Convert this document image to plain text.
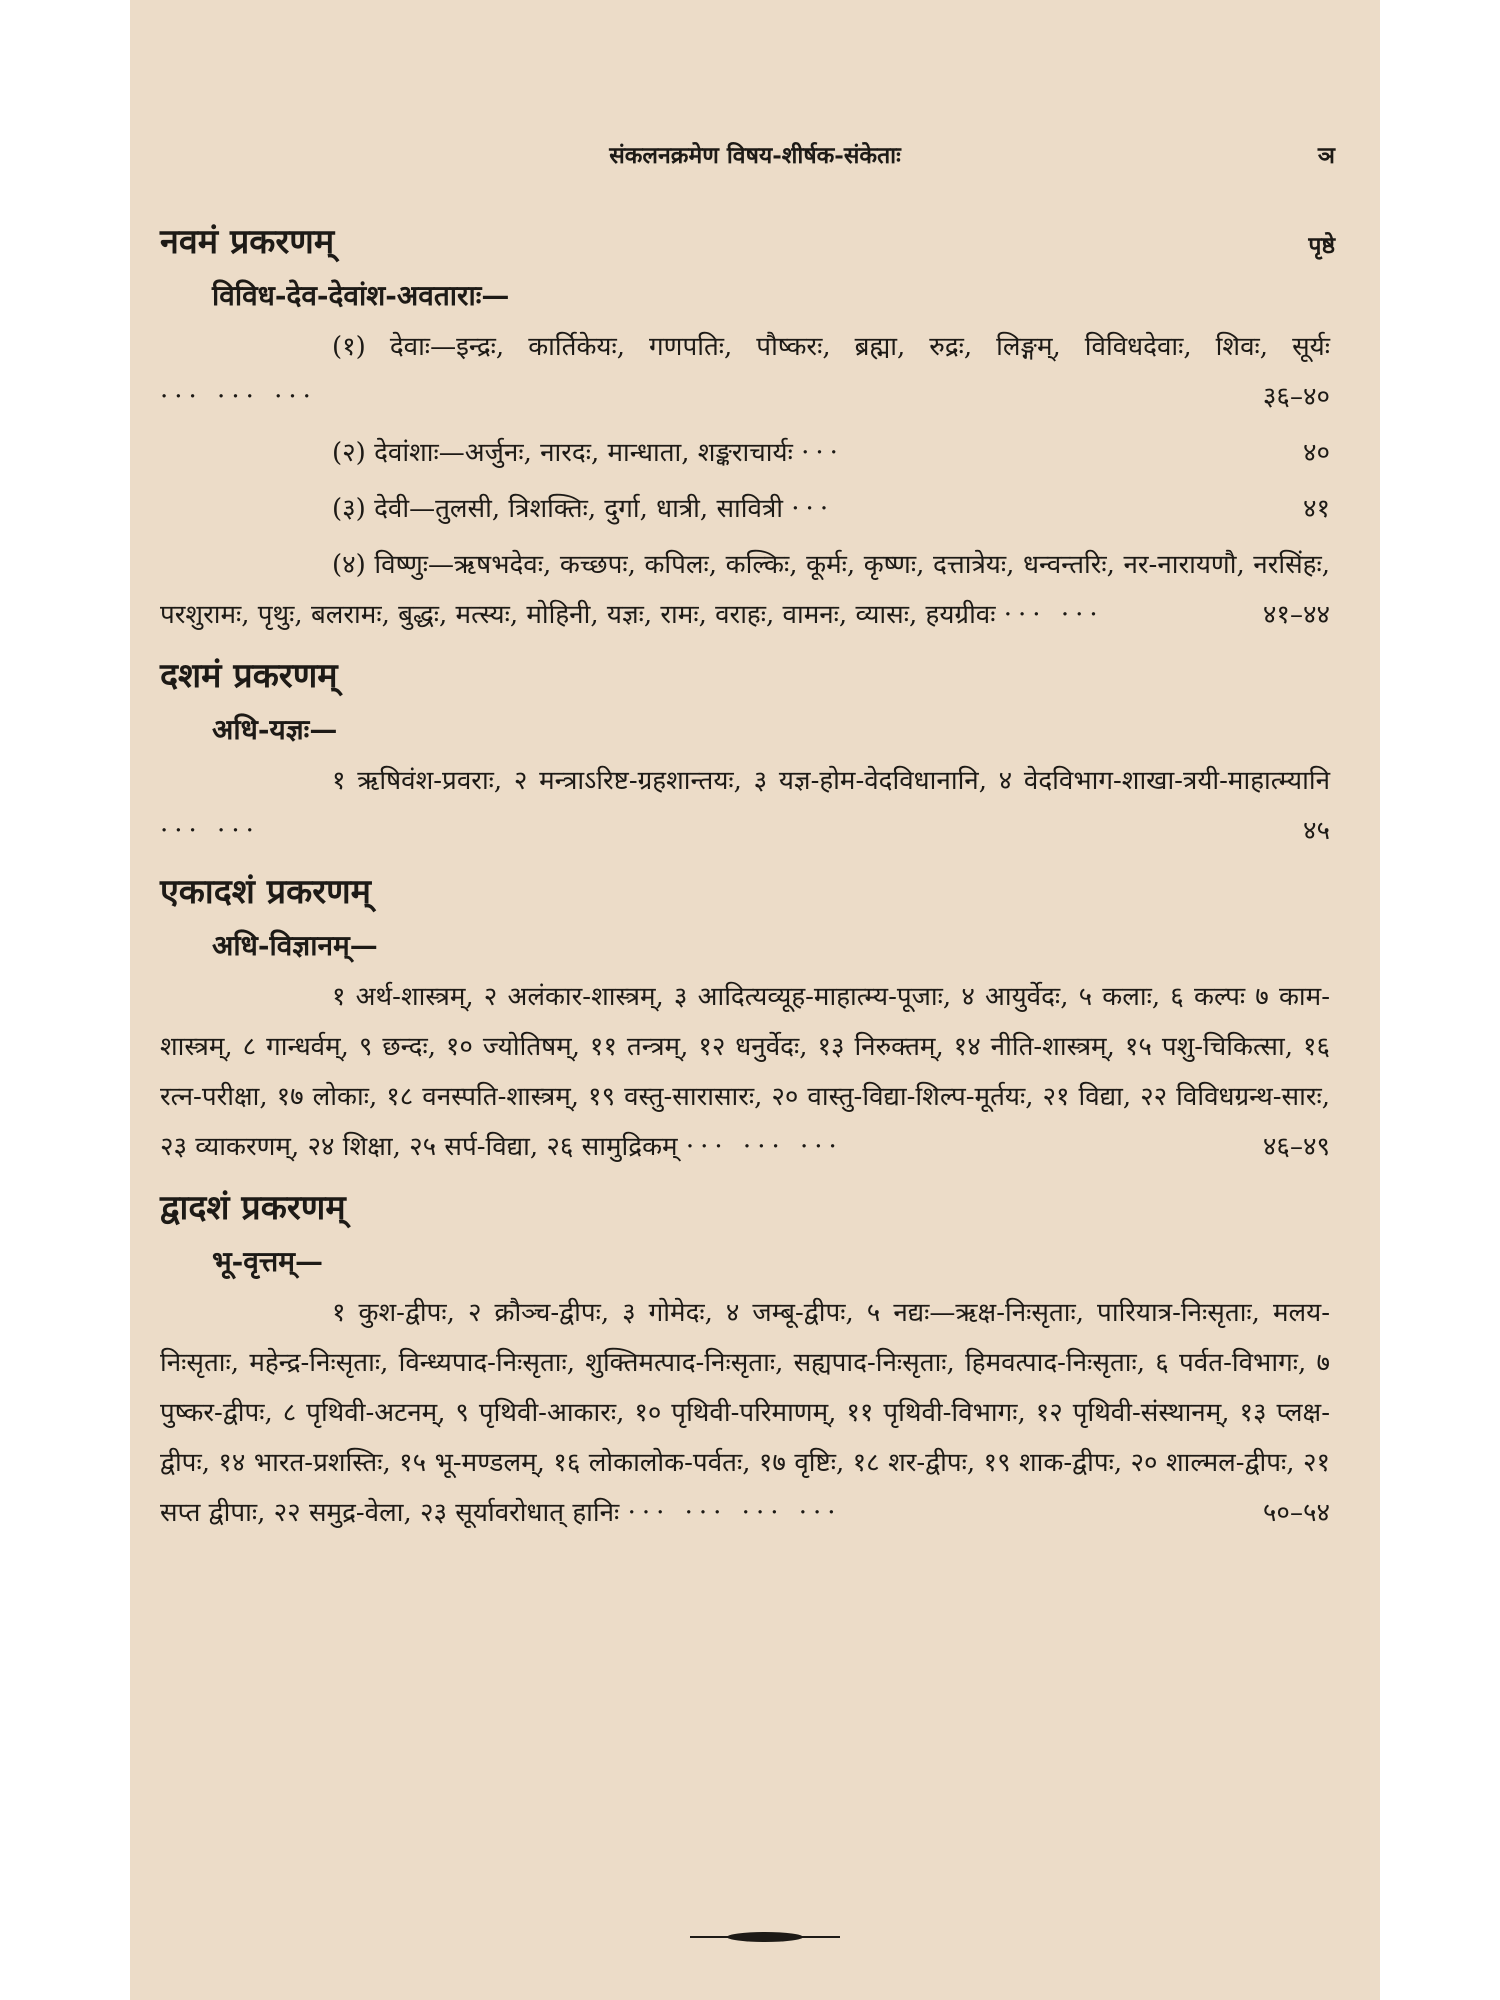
संकलनक्रमेण विषय-शीर्षक-संकेताः	ञ
पृष्ठे
नवमं प्रकरणम्
विविध-देव-देवांश-अवताराः—
(१) देवाः—इन्द्रः, कार्तिकेयः, गणपतिः, पौष्करः, ब्रह्मा, रुद्रः, लिङ्गम्, विविधदेवाः, शिवः, सूर्यः ··· ··· ···	३६–४०
(२) देवांशाः—अर्जुनः, नारदः, मान्धाता, शङ्कराचार्यः ···	४०
(३) देवी—तुलसी, त्रिशक्तिः, दुर्गा, धात्री, सावित्री ···	४१
(४) विष्णुः—ऋषभदेवः, कच्छपः, कपिलः, कल्किः, कूर्मः, कृष्णः, दत्तात्रेयः, धन्वन्तरिः, नर-नारायणौ, नरसिंहः, परशुरामः, पृथुः, बलरामः, बुद्धः, मत्स्यः, मोहिनी, यज्ञः, रामः, वराहः, वामनः, व्यासः, हयग्रीवः ··· ···	४१–४४
दशमं प्रकरणम्
अधि-यज्ञः—
१ ऋषिवंश-प्रवराः, २ मन्त्राऽरिष्ट-ग्रहशान्तयः, ३ यज्ञ-होम-वेदविधानानि, ४ वेदविभाग-शाखा-त्रयी-माहात्म्यानि ··· ···	४५
एकादशं प्रकरणम्
अधि-विज्ञानम्—
१ अर्थ-शास्त्रम्, २ अलंकार-शास्त्रम्, ३ आदित्यव्यूह-माहात्म्य-पूजाः, ४ आयुर्वेदः, ५ कलाः, ६ कल्पः ७ काम-शास्त्रम्, ८ गान्धर्वम्, ९ छन्दः, १० ज्योतिषम्, ११ तन्त्रम्, १२ धनुर्वेदः, १३ निरुक्तम्, १४ नीति-शास्त्रम्, १५ पशु-चिकित्सा, १६ रत्न-परीक्षा, १७ लोकाः, १८ वनस्पति-शास्त्रम्, १९ वस्तु-सारासारः, २० वास्तु-विद्या-शिल्प-मूर्तयः, २१ विद्या, २२ विविधग्रन्थ-सारः, २३ व्याकरणम्, २४ शिक्षा, २५ सर्प-विद्या, २६ सामुद्रिकम् ··· ··· ···	४६–४९
द्वादशं प्रकरणम्
भू-वृत्तम्—
१ कुश-द्वीपः, २ क्रौञ्च-द्वीपः, ३ गोमेदः, ४ जम्बू-द्वीपः, ५ नद्यः—ऋक्ष-निःसृताः, पारियात्र-निःसृताः, मलय-निःसृताः, महेन्द्र-निःसृताः, विन्ध्यपाद-निःसृताः, शुक्तिमत्पाद-निःसृताः, सह्यपाद-निःसृताः, हिमवत्पाद-निःसृताः, ६ पर्वत-विभागः, ७ पुष्कर-द्वीपः, ८ पृथिवी-अटनम्, ९ पृथिवी-आकारः, १० पृथिवी-परिमाणम्, ११ पृथिवी-विभागः, १२ पृथिवी-संस्थानम्, १३ प्लक्ष-द्वीपः, १४ भारत-प्रशस्तिः, १५ भू-मण्डलम्, १६ लोकालोक-पर्वतः, १७ वृष्टिः, १८ शर-द्वीपः, १९ शाक-द्वीपः, २० शाल्मल-द्वीपः, २१ सप्त द्वीपाः, २२ समुद्र-वेला, २३ सूर्यावरोधात् हानिः ··· ··· ··· ···	५०–५४
